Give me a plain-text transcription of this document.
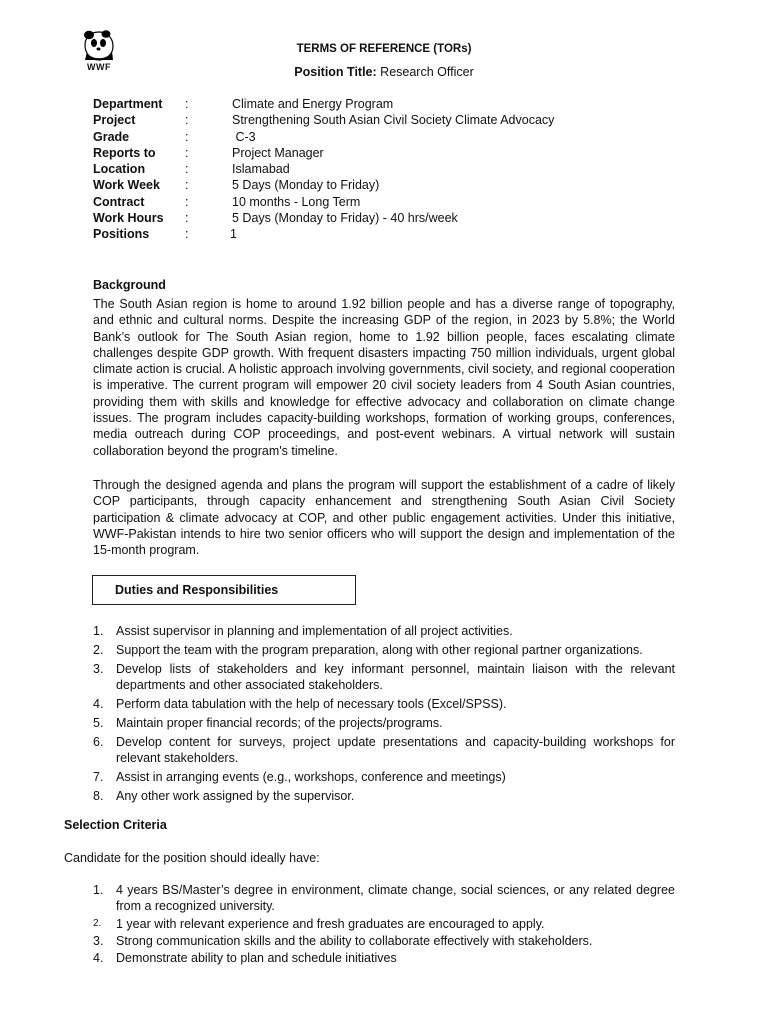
WWF
TERMS OF REFERENCE (TORs)
Position Title: Research Officer
Department :	Climate and Energy Program
Project	:	Strengthening South Asian Civil Society Climate Advocacy
Grade	:	C-3
Reports to :	Project Manager
Location	:	Islamabad
Work Week :	5 Days (Monday to Friday)
Contract	:	10 months - Long Term
Work Hours :	5 Days (Monday to Friday) - 40 hrs/week
Positions	:	1
Background

The South Asian region is home to around 1.92 billion people and has a diverse range of topography, and ethnic and cultural norms. Despite the increasing GDP of the region, in 2023 by 5.8%; the World Bank’s outlook for The South Asian region, home to 1.92 billion people, faces escalating climate challenges despite GDP growth. With frequent disasters impacting 750 million individuals, urgent global climate action is crucial. A holistic approach involving governments, civil society, and regional cooperation is imperative. The current program will empower 20 civil society leaders from 4 South Asian countries, providing them with skills and knowledge for effective advocacy and collaboration on climate change issues. The program includes capacity-building workshops, formation of working groups, conferences, media outreach during COP proceedings, and post-event webinars. A virtual network will sustain collaboration beyond the program's timeline.

Through the designed agenda and plans the program will support the establishment of a cadre of likely COP participants, through capacity enhancement and strengthening South Asian Civil Society participation & climate advocacy at COP, and other public engagement activities. Under this initiative, WWF-Pakistan intends to hire two senior officers who will support the design and implementation of the 15-month program.

Duties and Responsibilities
1. Assist supervisor in planning and implementation of all project activities.
2. Support the team with the program preparation, along with other regional partner organizations.
3. Develop lists of stakeholders and key informant personnel, maintain liaison with the relevant departments and other associated stakeholders.
4. Perform data tabulation with the help of necessary tools (Excel/SPSS).
5. Maintain proper financial records; of the projects/programs.
6. Develop content for surveys, project update presentations and capacity-building workshops for relevant stakeholders.
7. Assist in arranging events (e.g., workshops, conference and meetings)
8. Any other work assigned by the supervisor.
Selection Criteria
Candidate for the position should ideally have:
1. 4 years BS/Master’s degree in environment, climate change, social sciences, or any related degree from a recognized university.
2. 1 year with relevant experience and fresh graduates are encouraged to apply.
3. Strong communication skills and the ability to collaborate effectively with stakeholders.
4. Demonstrate ability to plan and schedule initiatives
